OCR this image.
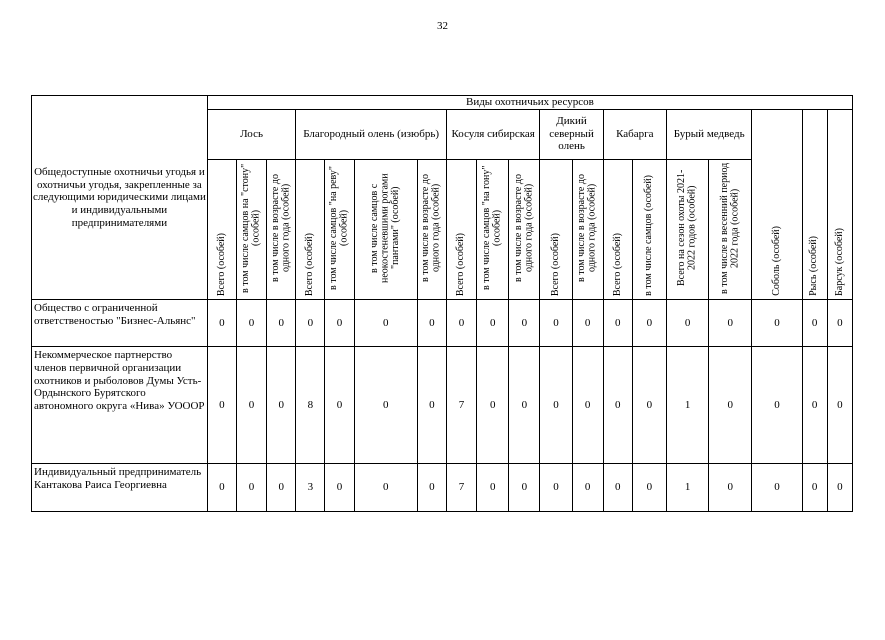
32
Общедоступные охотничьи угодья и охотничьи угодья, закрепленные за следующими юридическими лицами и индивидуальными предпринимателями	Виды охотничьих ресурсов																		
	Лось			Благородный олень (изюбрь)				Косуля сибирская			Дикий северный олень		Кабарга		Бурый медведь		Соболь (особей)	Рысь (особей)	Барсук (особей)
	Всего (особей)	в том числе самцов на "стону" (особей)	в том числе в возрасте до одного года (особей)	Всего (особей)	в том числе самцов "на реву" (особей)	в том числе самцов с неокостеневшими рогами "пантами" (особей)	в том числе в возрасте до одного года (особей)	Всего (особей)	в том числе самцов "на гону" (особей)	в том числе в возрасте до одного года (особей)	Всего (особей)	в том числе в возрасте до одного года (особей)	Всего (особей)	в том числе самцов (особей)	Всего на сезон охоты 2021-2022 годов (особей)	в том числе в весенний период 2022 года (особей)			
Общество с ограниченной ответственостью "Бизнес-Альянс"	0	0	0	0	0	0	0	0	0	0	0	0	0	0	0	0	0	0	0
Некоммерческое партнерство членов первичной организации охотников и рыболовов Думы Усть-Ордынского Бурятского автономного округа «Нива» УОООР	0	0	0	8	0	0	0	7	0	0	0	0	0	0	1	0	0	0	0
Индивидуальный предприниматель Кантакова Раиса Георгиевна	0	0	0	3	0	0	0	7	0	0	0	0	0	0	1	0	0	0	0
